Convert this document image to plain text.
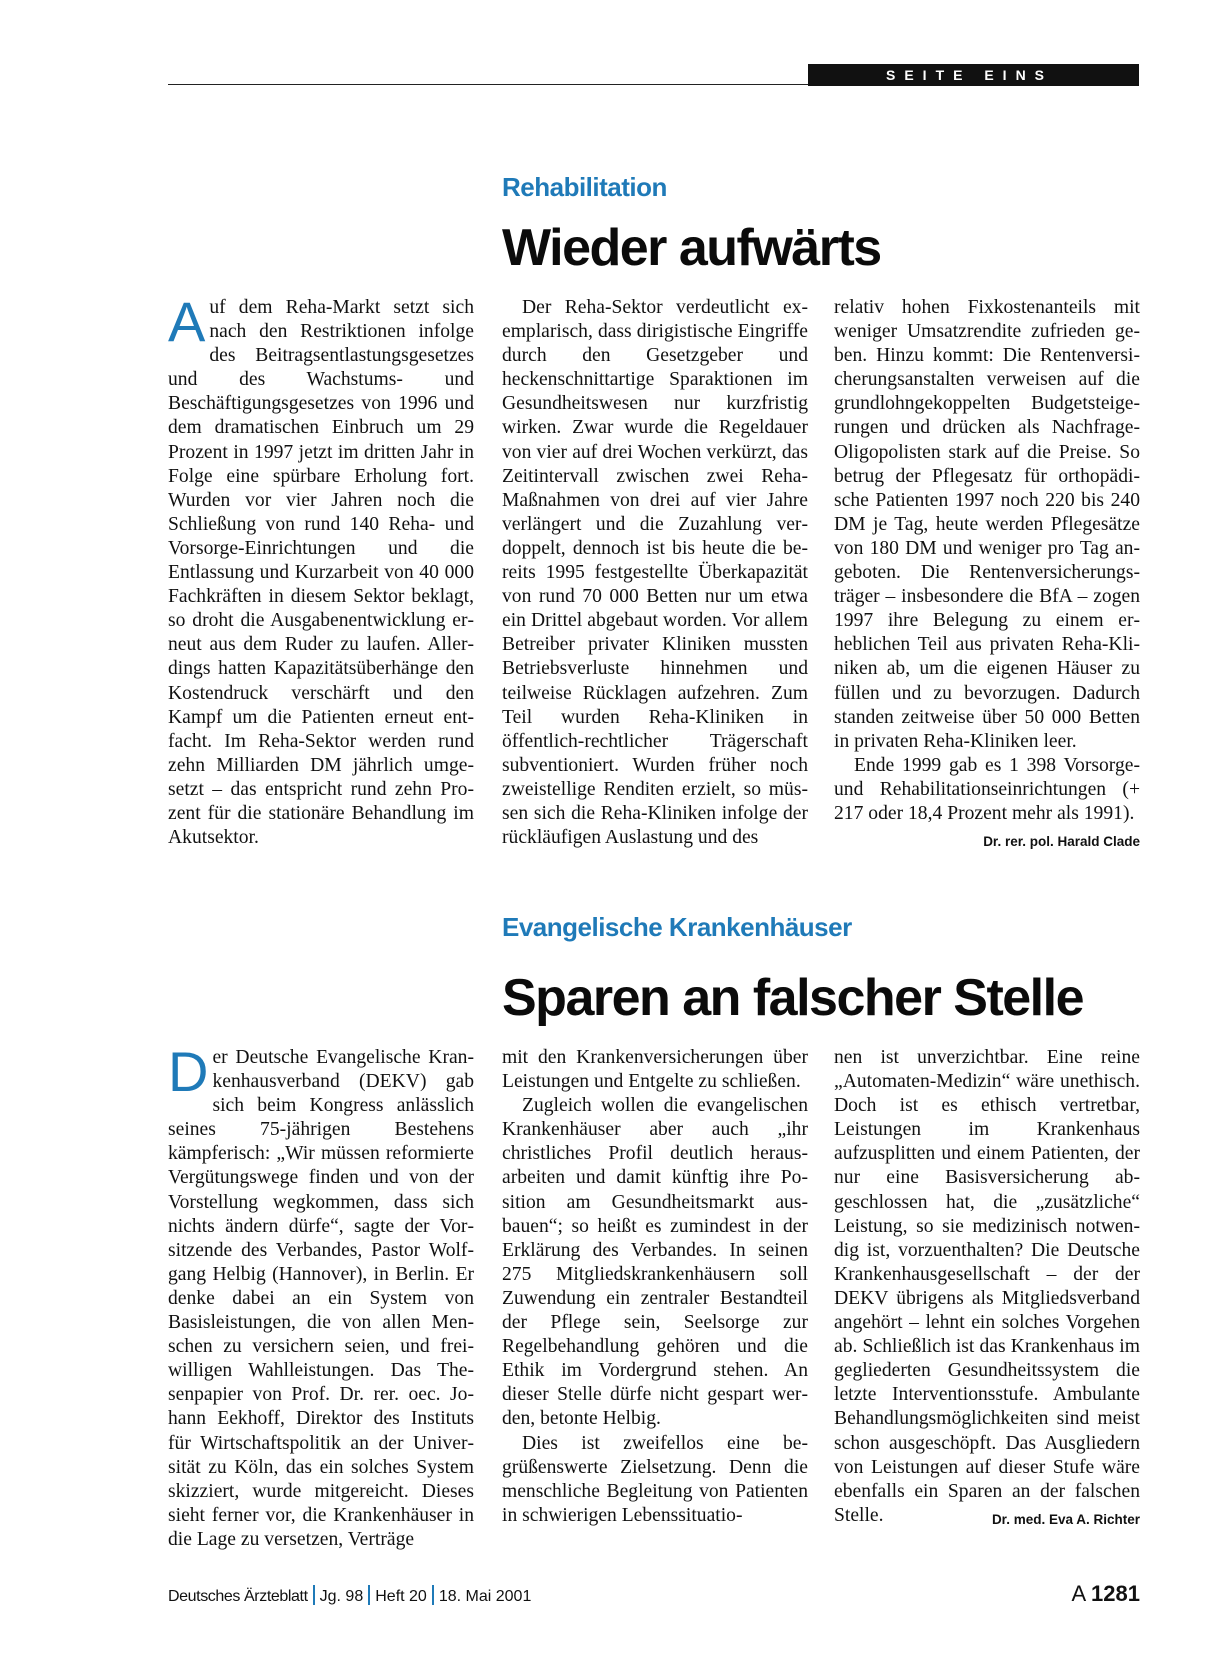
SEITE EINS
Rehabilitation
Wieder aufwärts

Auf dem Reha-Markt setzt sich nach den Restriktionen infolge des Beitragsentlastungsgesetzes und des Wachstums- und Beschäftigungsgesetzes von 1996 und dem dramatischen Einbruch um 29 Prozent in 1997 jetzt im dritten Jahr in Folge eine spürbare Erholung fort. Wurden vor vier Jahren noch die Schließung von rund 140 Reha- und Vorsorge-Einrichtungen und die Entlassung und Kurzarbeit von 40 000 Fachkräften in diesem Sektor beklagt, so droht die Ausgabenentwicklung erneut aus dem Ruder zu laufen. Allerdings hatten Kapazitätsüberhänge den Kostendruck verschärft und den Kampf um die Patienten erneut entfacht. Im Reha-Sektor werden rund zehn Milliarden DM jährlich umgesetzt – das entspricht rund zehn Prozent für die stationäre Behandlung im Akutsektor.

Der Reha-Sektor verdeutlicht exemplarisch, dass dirigistische Eingriffe durch den Gesetzgeber und heckenschnittartige Sparaktionen im Gesundheitswesen nur kurzfristig wirken. Zwar wurde die Regeldauer von vier auf drei Wochen verkürzt, das Zeitintervall zwischen zwei Reha-Maßnahmen von drei auf vier Jahre verlängert und die Zuzahlung verdoppelt, dennoch ist bis heute die bereits 1995 festgestellte Überkapazität von rund 70 000 Betten nur um etwa ein Drittel abgebaut worden. Vor allem Betreiber privater Kliniken mussten Betriebsverluste hinnehmen und teilweise Rücklagen aufzehren. Zum Teil wurden Reha-Kliniken in öffentlich-rechtlicher Trägerschaft subventioniert. Wurden früher noch zweistellige Renditen erzielt, so müssen sich die Reha-Kliniken infolge der rückläufigen Auslastung und des

relativ hohen Fixkostenanteils mit weniger Umsatzrendite zufrieden geben. Hinzu kommt: Die Rentenversicherungsanstalten verweisen auf die grundlohngekoppelten Budgetsteigerungen und drücken als Nachfrage-Oligopolisten stark auf die Preise. So betrug der Pflegesatz für orthopädische Patienten 1997 noch 220 bis 240 DM je Tag, heute werden Pflegesätze von 180 DM und weniger pro Tag angeboten. Die Rentenversicherungsträger – insbesondere die BfA – zogen 1997 ihre Belegung zu einem erheblichen Teil aus privaten Reha-Kliniken ab, um die eigenen Häuser zu füllen und zu bevorzugen. Dadurch standen zeitweise über 50 000 Betten in privaten Reha-Kliniken leer.

Ende 1999 gab es 1 398 Vorsorge- und Rehabilitationseinrichtungen (+ 217 oder 18,4 Prozent mehr als 1991).
Dr. rer. pol. Harald Clade

Evangelische Krankenhäuser
Sparen an falscher Stelle

Der Deutsche Evangelische Krankenhausverband (DEKV) gab sich beim Kongress anlässlich seines 75-jährigen Bestehens kämpferisch: „Wir müssen reformierte Vergütungswege finden und von der Vorstellung wegkommen, dass sich nichts ändern dürfe“, sagte der Vorsitzende des Verbandes, Pastor Wolfgang Helbig (Hannover), in Berlin. Er denke dabei an ein System von Basisleistungen, die von allen Menschen zu versichern seien, und freiwilligen Wahlleistungen. Das Thesenpapier von Prof. Dr. rer. oec. Johann Eekhoff, Direktor des Instituts für Wirtschaftspolitik an der Universität zu Köln, das ein solches System skizziert, wurde mitgereicht. Dieses sieht ferner vor, die Krankenhäuser in die Lage zu versetzen, Verträge

mit den Krankenversicherungen über Leistungen und Entgelte zu schließen.

Zugleich wollen die evangelischen Krankenhäuser aber auch „ihr christliches Profil deutlich herausarbeiten und damit künftig ihre Position am Gesundheitsmarkt ausbauen“; so heißt es zumindest in der Erklärung des Verbandes. In seinen 275 Mitgliedskrankenhäusern soll Zuwendung ein zentraler Bestandteil der Pflege sein, Seelsorge zur Regelbehandlung gehören und die Ethik im Vordergrund stehen. An dieser Stelle dürfe nicht gespart werden, betonte Helbig.

Dies ist zweifellos eine begrüßenswerte Zielsetzung. Denn die menschliche Begleitung von Patienten in schwierigen Lebenssituatio-

nen ist unverzichtbar. Eine reine „Automaten-Medizin“ wäre unethisch. Doch ist es ethisch vertretbar, Leistungen im Krankenhaus aufzusplitten und einem Patienten, der nur eine Basisversicherung abgeschlossen hat, die „zusätzliche“ Leistung, so sie medizinisch notwendig ist, vorzuenthalten? Die Deutsche Krankenhausgesellschaft – der der DEKV übrigens als Mitgliedsverband angehört – lehnt ein solches Vorgehen ab. Schließlich ist das Krankenhaus im gegliederten Gesundheitssystem die letzte Interventionsstufe. Ambulante Behandlungsmöglichkeiten sind meist schon ausgeschöpft. Das Ausgliedern von Leistungen auf dieser Stufe wäre ebenfalls ein Sparen an der falschen Stelle.	Dr. med. Eva A. Richter

Deutsches Ärzteblatt Jg. 98 Heft 20 18. Mai 2001	A 1281
